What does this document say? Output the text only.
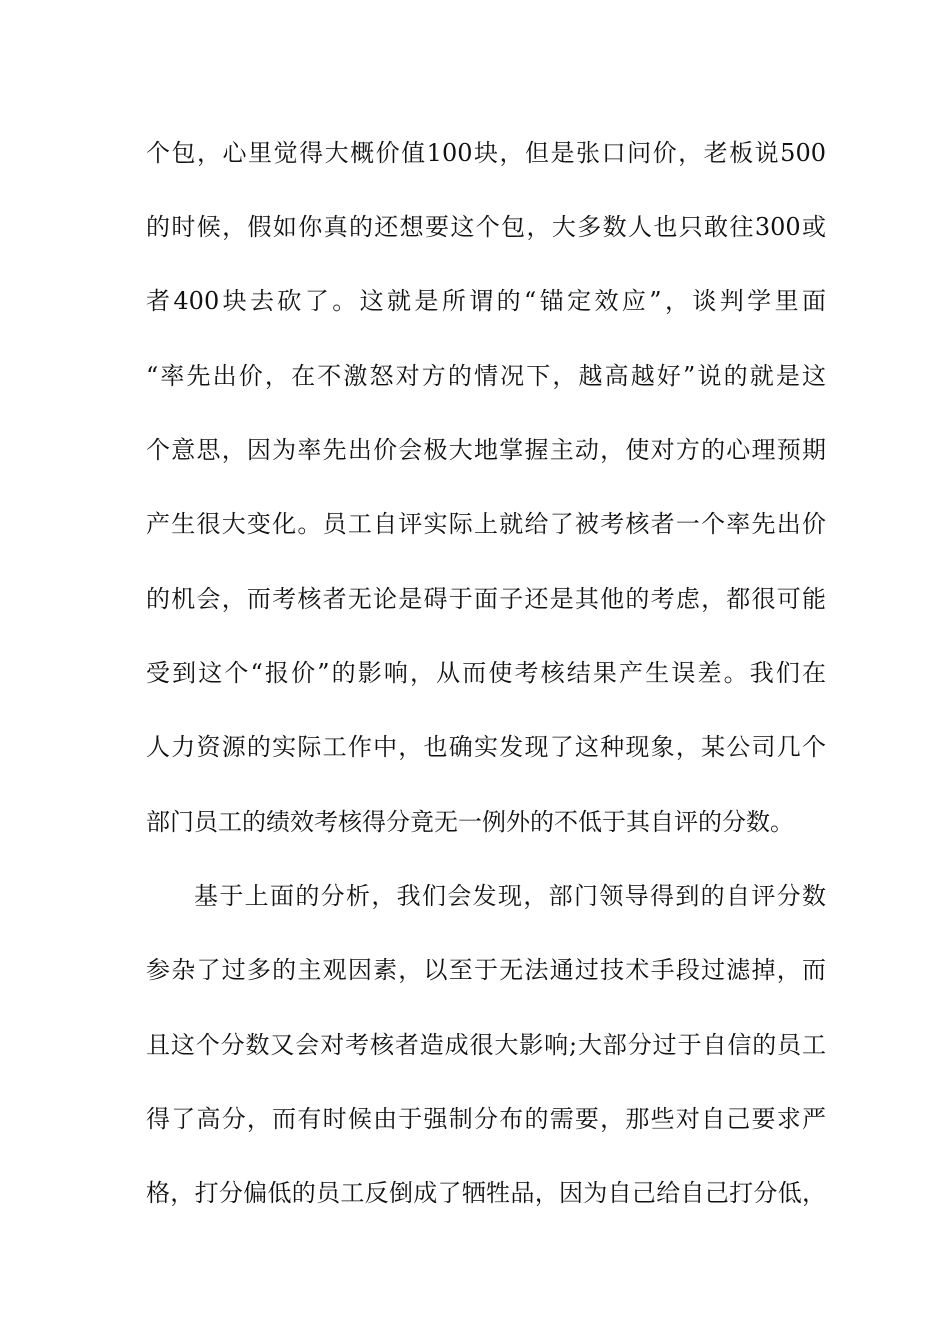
个包，心里觉得大概价值100块，但是张口问价，老板说500
的时候，假如你真的还想要这个包，大多数人也只敢往300或
者400块去砍了。这就是所谓的“锚定效应”，谈判学里面
“率先出价，在不激怒对方的情况下，越高越好”说的就是这
个意思，因为率先出价会极大地掌握主动，使对方的心理预期
产生很大变化。员工自评实际上就给了被考核者一个率先出价
的机会，而考核者无论是碍于面子还是其他的考虑，都很可能
受到这个“报价”的影响，从而使考核结果产生误差。我们在
人力资源的实际工作中，也确实发现了这种现象，某公司几个
部门员工的绩效考核得分竟无一例外的不低于其自评的分数。
基于上面的分析，我们会发现，部门领导得到的自评分数
参杂了过多的主观因素，以至于无法通过技术手段过滤掉，而
且这个分数又会对考核者造成很大影响;大部分过于自信的员工
得了高分，而有时候由于强制分布的需要，那些对自己要求严
格，打分偏低的员工反倒成了牺牲品，因为自己给自己打分低，
